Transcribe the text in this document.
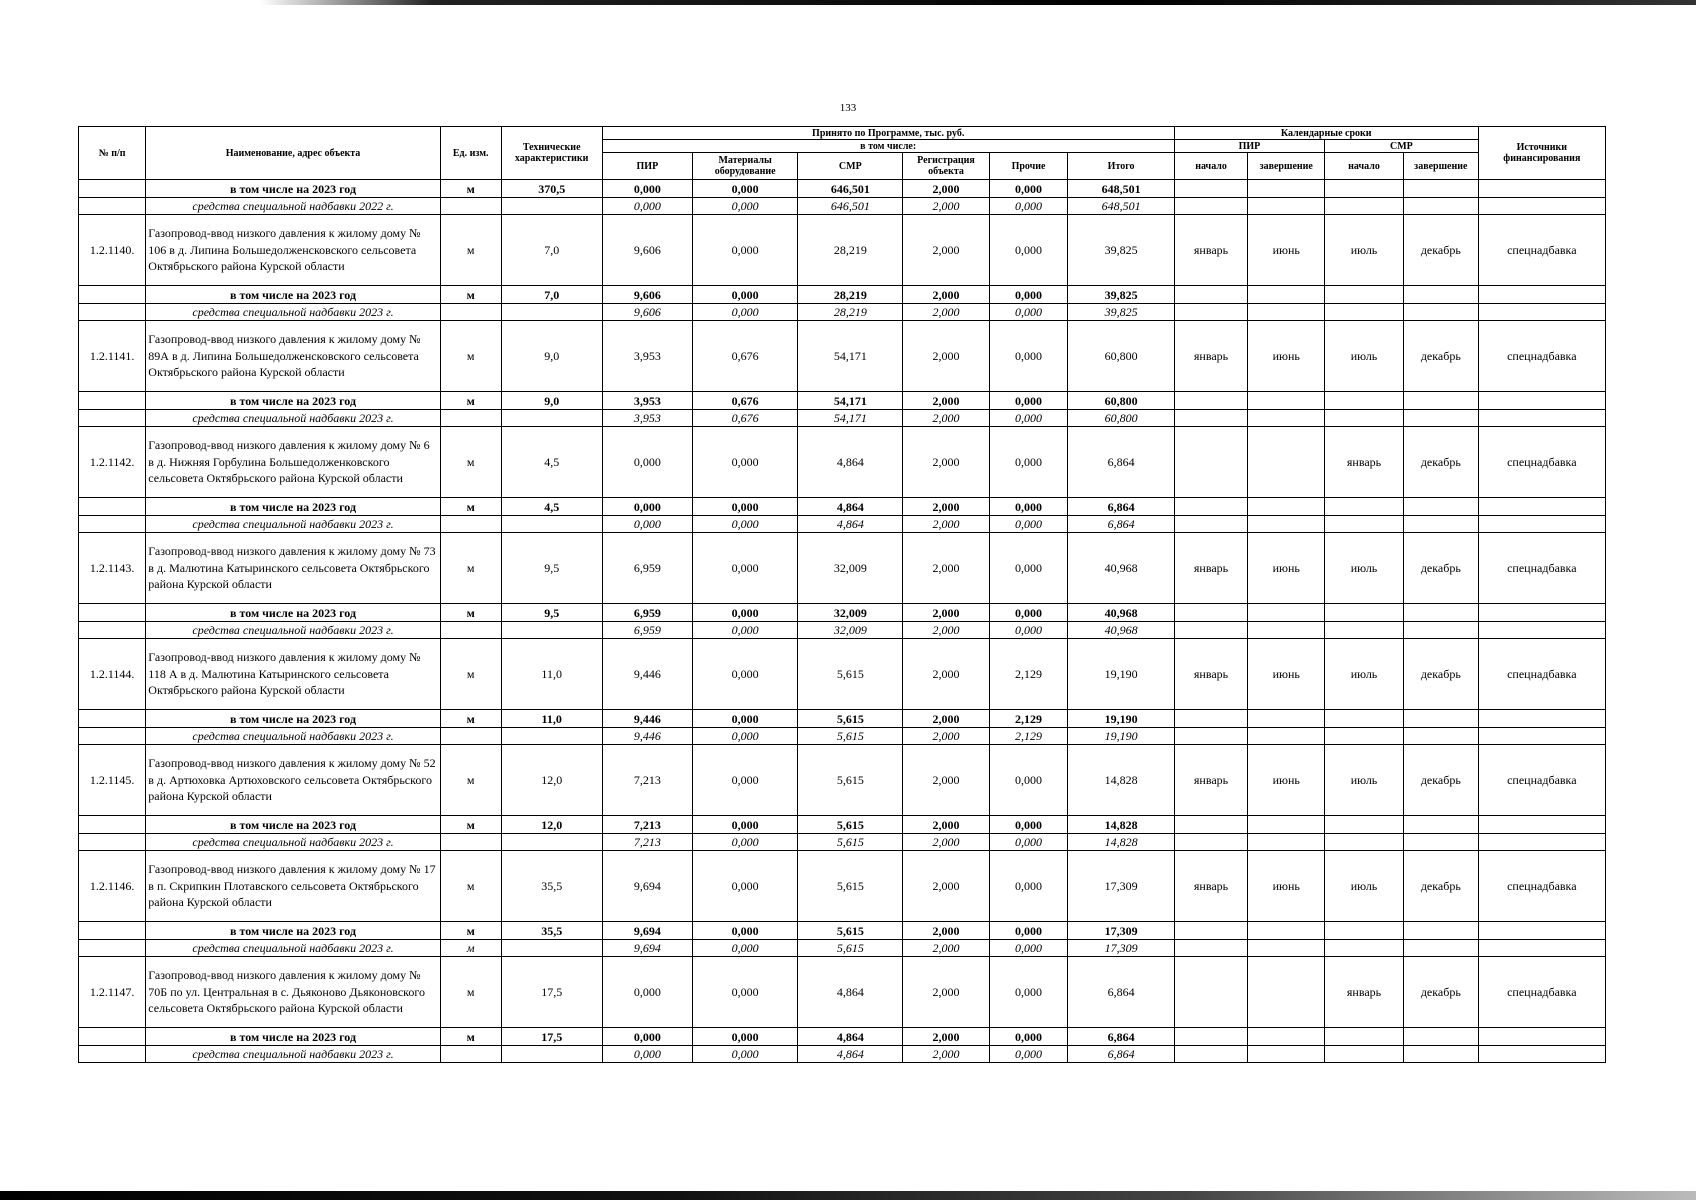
133
№ п/п	Наименование, адрес объекта	Ед. изм.	Технические характеристики	Принято по Программе, тыс. руб.						Календарные сроки				Источники финансирования
				в том числе:						ПИР		СМР		
				ПИР	Материалы оборудование	СМР	Регистрация объекта	Прочие	Итого	начало	завершение	начало	завершение	
	в том числе на 2023 год	м	370,5	0,000	0,000	646,501	2,000	0,000	648,501					
	средства специальной надбавки 2022 г.			0,000	0,000	646,501	2,000	0,000	648,501					
1.2.1140.	Газопровод-ввод низкого давления к жилому дому № 106 в д. Липина Большедолженсковского сельсовета Октябрьского района Курской области	м	7,0	9,606	0,000	28,219	2,000	0,000	39,825	январь	июнь	июль	декабрь	спецнадбавка
	в том числе на 2023 год	м	7,0	9,606	0,000	28,219	2,000	0,000	39,825					
	средства специальной надбавки 2023 г.			9,606	0,000	28,219	2,000	0,000	39,825					
1.2.1141.	Газопровод-ввод низкого давления к жилому дому № 89А в д. Липина Большедолженсковского сельсовета Октябрьского района Курской области	м	9,0	3,953	0,676	54,171	2,000	0,000	60,800	январь	июнь	июль	декабрь	спецнадбавка
	в том числе на 2023 год	м	9,0	3,953	0,676	54,171	2,000	0,000	60,800					
	средства специальной надбавки 2023 г.			3,953	0,676	54,171	2,000	0,000	60,800					
1.2.1142.	Газопровод-ввод низкого давления к жилому дому № 6 в д. Нижняя Горбулина Большедолженковского сельсовета Октябрьского района Курской области	м	4,5	0,000	0,000	4,864	2,000	0,000	6,864			январь	декабрь	спецнадбавка
	в том числе на 2023 год	м	4,5	0,000	0,000	4,864	2,000	0,000	6,864					
	средства специальной надбавки 2023 г.			0,000	0,000	4,864	2,000	0,000	6,864					
1.2.1143.	Газопровод-ввод низкого давления к жилому дому № 73 в д. Малютина Катыринского сельсовета Октябрьского района Курской области	м	9,5	6,959	0,000	32,009	2,000	0,000	40,968	январь	июнь	июль	декабрь	спецнадбавка
	в том числе на 2023 год	м	9,5	6,959	0,000	32,009	2,000	0,000	40,968					
	средства специальной надбавки 2023 г.			6,959	0,000	32,009	2,000	0,000	40,968					
1.2.1144.	Газопровод-ввод низкого давления к жилому дому № 118 А в д. Малютина Катыринского сельсовета Октябрьского района Курской области	м	11,0	9,446	0,000	5,615	2,000	2,129	19,190	январь	июнь	июль	декабрь	спецнадбавка
	в том числе на 2023 год	м	11,0	9,446	0,000	5,615	2,000	2,129	19,190					
	средства специальной надбавки 2023 г.			9,446	0,000	5,615	2,000	2,129	19,190					
1.2.1145.	Газопровод-ввод низкого давления к жилому дому № 52 в д. Артюховка Артюховского сельсовета Октябрьского района Курской области	м	12,0	7,213	0,000	5,615	2,000	0,000	14,828	январь	июнь	июль	декабрь	спецнадбавка
	в том числе на 2023 год	м	12,0	7,213	0,000	5,615	2,000	0,000	14,828					
	средства специальной надбавки 2023 г.			7,213	0,000	5,615	2,000	0,000	14,828					
1.2.1146.	Газопровод-ввод низкого давления к жилому дому № 17 в п. Скрипкин Плотавского сельсовета Октябрьского района Курской области	м	35,5	9,694	0,000	5,615	2,000	0,000	17,309	январь	июнь	июль	декабрь	спецнадбавка
	в том числе на 2023 год	м	35,5	9,694	0,000	5,615	2,000	0,000	17,309					
	средства специальной надбавки 2023 г.	м		9,694	0,000	5,615	2,000	0,000	17,309					
1.2.1147.	Газопровод-ввод низкого давления к жилому дому № 70Б по ул. Центральная в с. Дьяконово Дьяконовского сельсовета Октябрьского района Курской области	м	17,5	0,000	0,000	4,864	2,000	0,000	6,864			январь	декабрь	спецнадбавка
	в том числе на 2023 год	м	17,5	0,000	0,000	4,864	2,000	0,000	6,864					
	средства специальной надбавки 2023 г.			0,000	0,000	4,864	2,000	0,000	6,864					
